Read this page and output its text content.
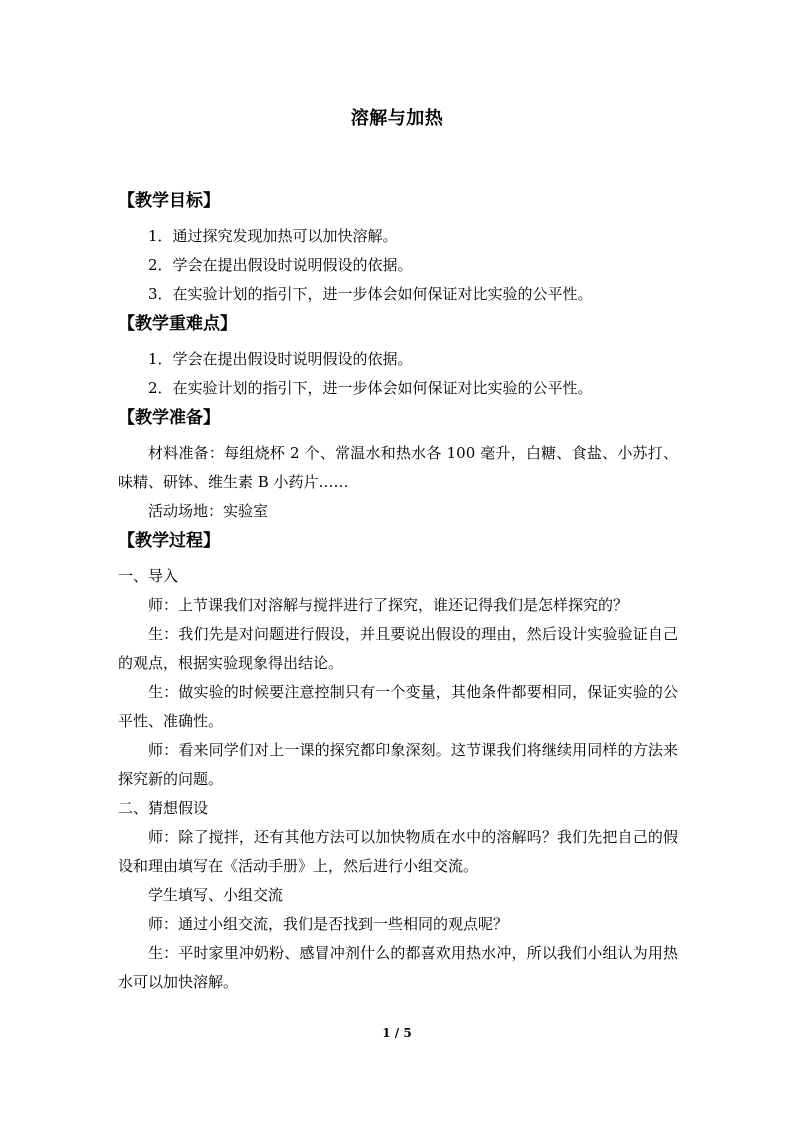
溶解与加热
【教学目标】

1．通过探究发现加热可以加快溶解。

2．学会在提出假设时说明假设的依据。

3．在实验计划的指引下，进一步体会如何保证对比实验的公平性。

【教学重难点】

1．学会在提出假设时说明假设的依据。

2．在实验计划的指引下，进一步体会如何保证对比实验的公平性。

【教学准备】

材料准备：每组烧杯 2 个、常温水和热水各 100 毫升，白糖、食盐、小苏打、味精、研钵、维生素 B 小药片……

活动场地：实验室

【教学过程】

一、导入

师：上节课我们对溶解与搅拌进行了探究，谁还记得我们是怎样探究的？

生：我们先是对问题进行假设，并且要说出假设的理由，然后设计实验验证自己的观点，根据实验现象得出结论。

生：做实验的时候要注意控制只有一个变量，其他条件都要相同，保证实验的公平性、准确性。

师：看来同学们对上一课的探究都印象深刻。这节课我们将继续用同样的方法来探究新的问题。

二、猜想假设

师：除了搅拌，还有其他方法可以加快物质在水中的溶解吗？我们先把自己的假设和理由填写在《活动手册》上，然后进行小组交流。

学生填写、小组交流

师：通过小组交流，我们是否找到一些相同的观点呢？

生：平时家里冲奶粉、感冒冲剂什么的都喜欢用热水冲，所以我们小组认为用热水可以加快溶解。

1 / 5
